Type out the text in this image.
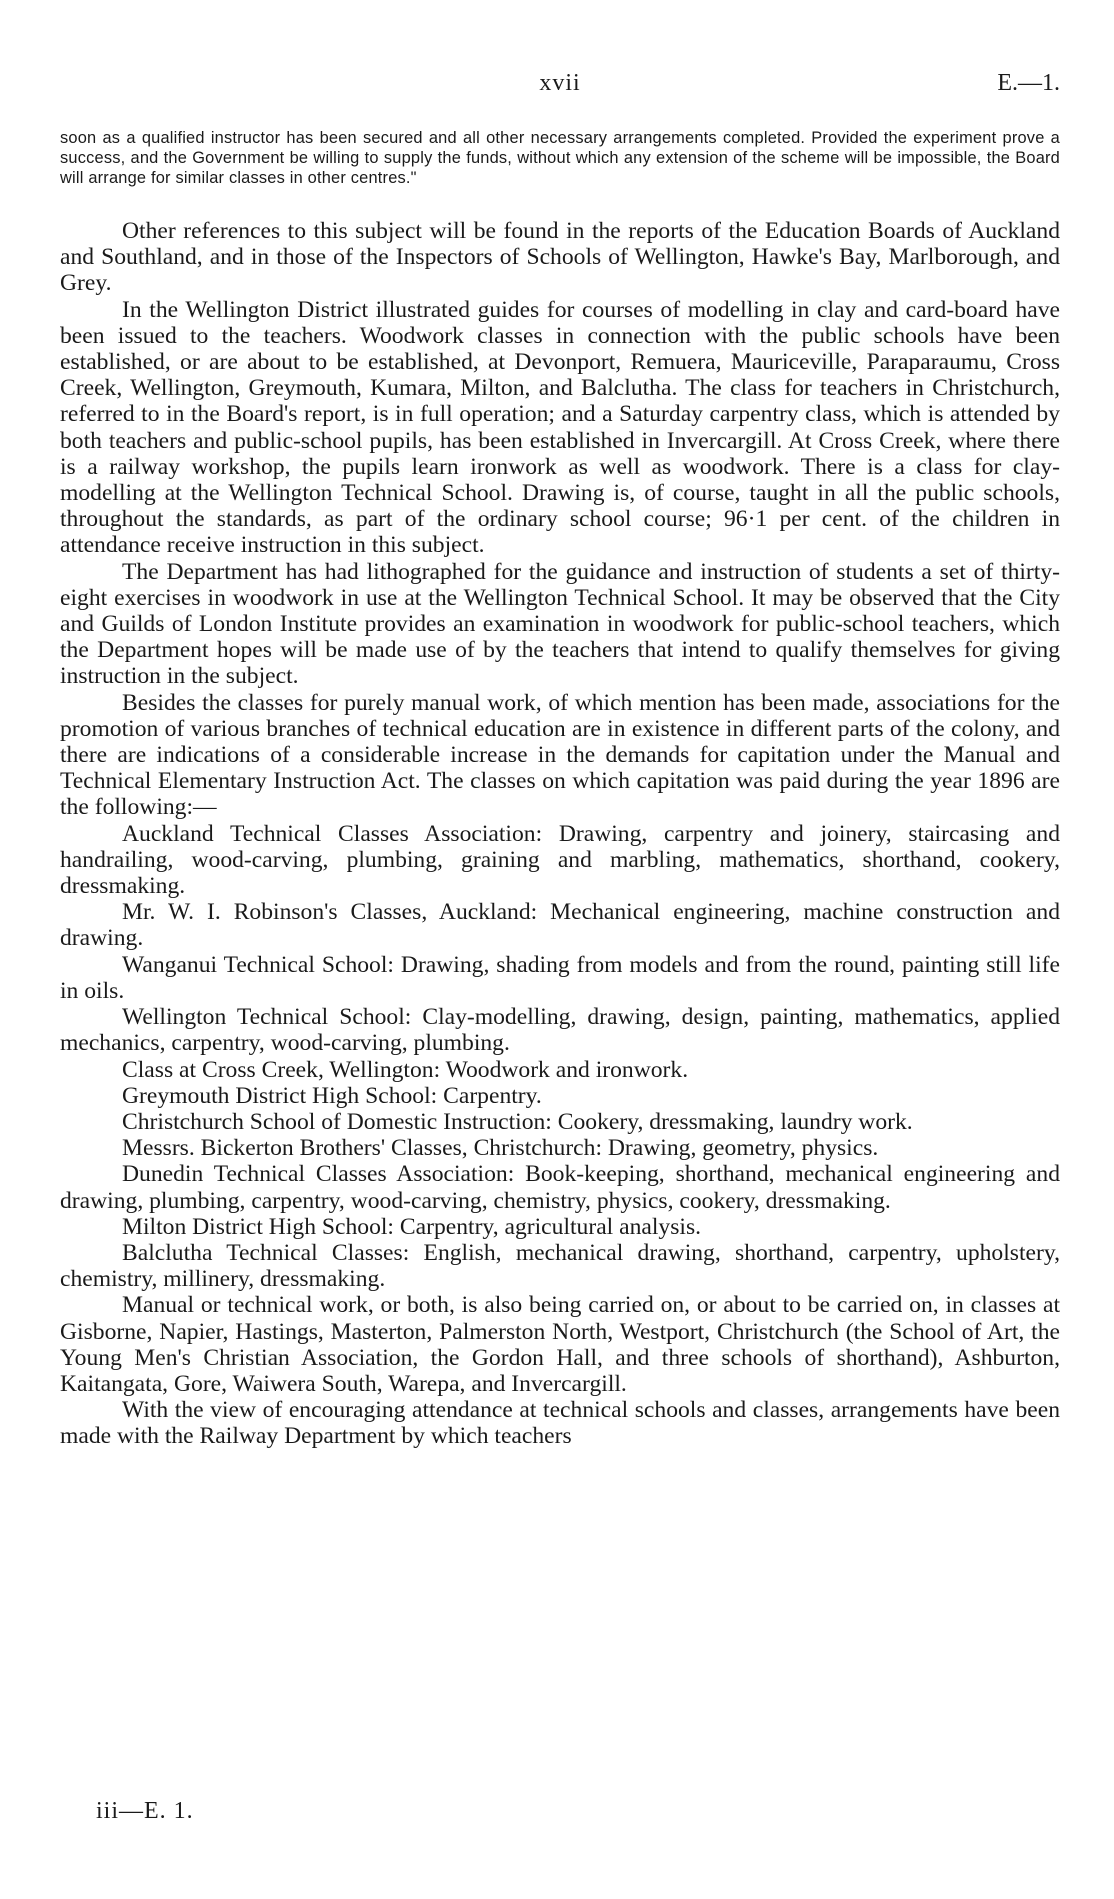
xvii	E.—1.
soon as a qualified instructor has been secured and all other necessary arrangements completed. Provided the experiment prove a success, and the Government be willing to supply the funds, without which any extension of the scheme will be impossible, the Board will arrange for similar classes in other centres."

Other references to this subject will be found in the reports of the Education Boards of Auckland and Southland, and in those of the Inspectors of Schools of Wellington, Hawke's Bay, Marlborough, and Grey.

In the Wellington District illustrated guides for courses of modelling in clay and card-board have been issued to the teachers. Woodwork classes in connection with the public schools have been established, or are about to be established, at Devonport, Remuera, Mauriceville, Paraparaumu, Cross Creek, Wellington, Greymouth, Kumara, Milton, and Balclutha. The class for teachers in Christchurch, referred to in the Board's report, is in full operation; and a Saturday carpentry class, which is attended by both teachers and public-school pupils, has been established in Invercargill. At Cross Creek, where there is a railway workshop, the pupils learn ironwork as well as woodwork. There is a class for clay-modelling at the Wellington Technical School. Drawing is, of course, taught in all the public schools, throughout the standards, as part of the ordinary school course; 96·1 per cent. of the children in attendance receive instruction in this subject.

The Department has had lithographed for the guidance and instruction of students a set of thirty-eight exercises in woodwork in use at the Wellington Technical School. It may be observed that the City and Guilds of London Institute provides an examination in woodwork for public-school teachers, which the Department hopes will be made use of by the teachers that intend to qualify themselves for giving instruction in the subject.

Besides the classes for purely manual work, of which mention has been made, associations for the promotion of various branches of technical education are in existence in different parts of the colony, and there are indications of a considerable increase in the demands for capitation under the Manual and Technical Elementary Instruction Act. The classes on which capitation was paid during the year 1896 are the following:—

Auckland Technical Classes Association: Drawing, carpentry and joinery, staircasing and handrailing, wood-carving, plumbing, graining and marbling, mathematics, shorthand, cookery, dressmaking.

Mr. W. I. Robinson's Classes, Auckland: Mechanical engineering, machine construction and drawing.

Wanganui Technical School: Drawing, shading from models and from the round, painting still life in oils.

Wellington Technical School: Clay-modelling, drawing, design, painting, mathematics, applied mechanics, carpentry, wood-carving, plumbing.

Class at Cross Creek, Wellington: Woodwork and ironwork.

Greymouth District High School: Carpentry.

Christchurch School of Domestic Instruction: Cookery, dressmaking, laundry work.

Messrs. Bickerton Brothers' Classes, Christchurch: Drawing, geometry, physics.

Dunedin Technical Classes Association: Book-keeping, shorthand, mechanical engineering and drawing, plumbing, carpentry, wood-carving, chemistry, physics, cookery, dressmaking.

Milton District High School: Carpentry, agricultural analysis.

Balclutha Technical Classes: English, mechanical drawing, shorthand, carpentry, upholstery, chemistry, millinery, dressmaking.

Manual or technical work, or both, is also being carried on, or about to be carried on, in classes at Gisborne, Napier, Hastings, Masterton, Palmerston North, Westport, Christchurch (the School of Art, the Young Men's Christian Association, the Gordon Hall, and three schools of shorthand), Ashburton, Kaitangata, Gore, Waiwera South, Warepa, and Invercargill.

With the view of encouraging attendance at technical schools and classes, arrangements have been made with the Railway Department by which teachers

iii—E. 1.
